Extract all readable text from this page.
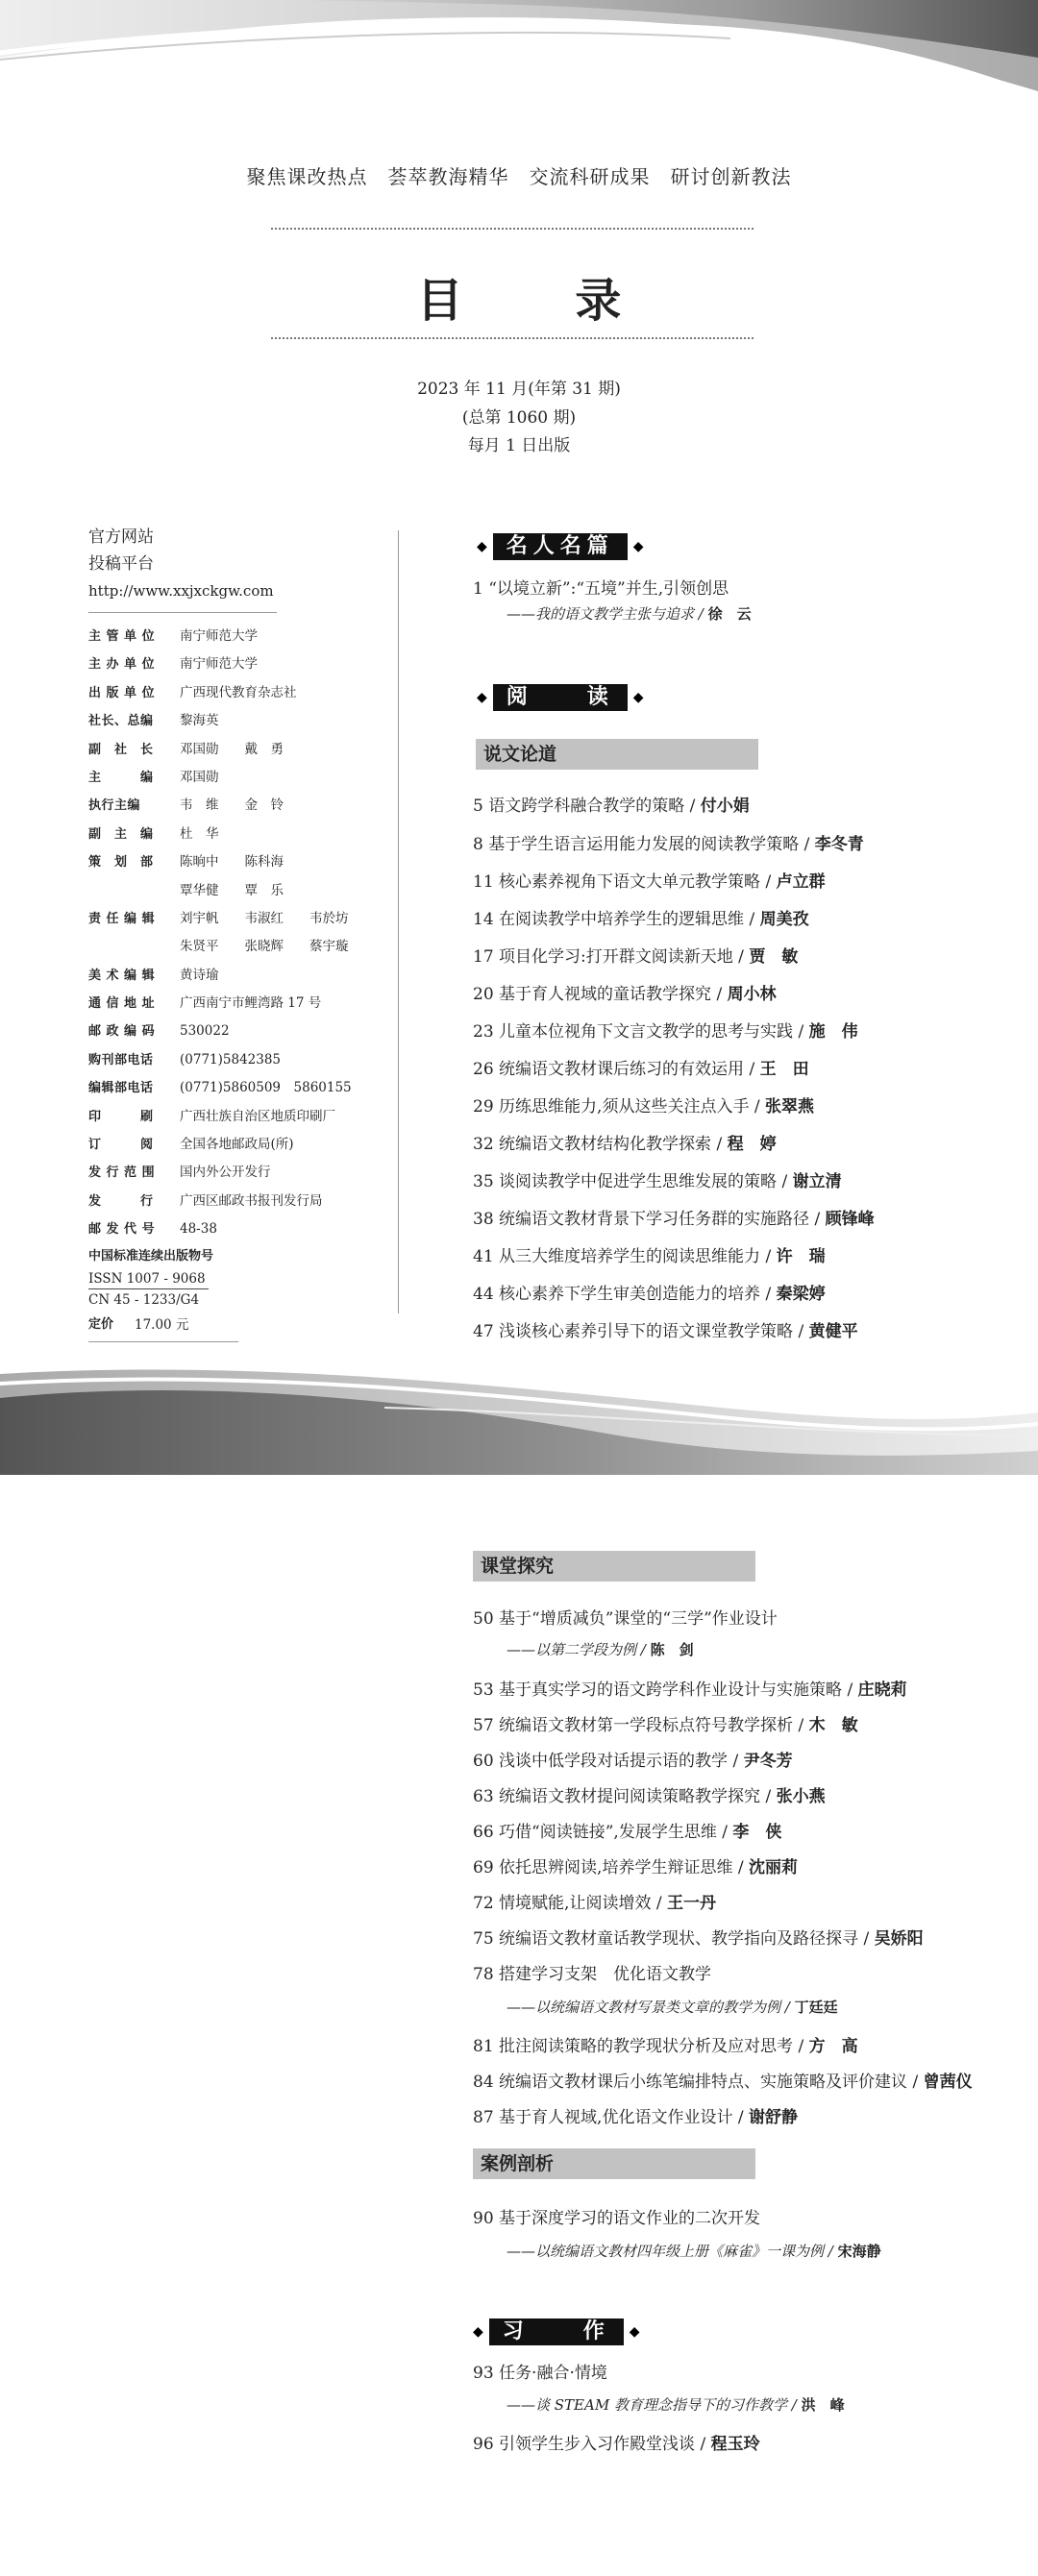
聚焦课改热点　荟萃教海精华　交流科研成果　研讨创新教法
目 录
2023 年 11 月(年第 31 期)
(总第 1060 期)
每月 1 日出版
官方网站
投稿平台
http://www.xxjxckgw.com
主 管 单 位	南宁师范大学
主 办 单 位	南宁师范大学
出 版 单 位	广西现代教育杂志社
社长、总编	黎海英
副　社　长	邓国勋　　戴　勇
主　　　编	邓国勋
执行主编	韦　维　　金　铃
副　主　编	杜　华
策　划　部	陈晌中　　陈科海
覃华健　　覃　乐
责 任 编 辑	刘宇帆　　韦淑红　　韦於坊
朱贤平　　张晓辉　　蔡宇璇
美 术 编 辑	黄诗瑜
通 信 地 址	广西南宁市鲤湾路 17 号
邮 政 编 码	530022
购刊部电话	(0771)5842385
编辑部电话	(0771)5860509　5860155
印　　　刷	广西壮族自治区地质印刷厂
订　　　阅	全国各地邮政局(所)
发 行 范 围	国内外公开发行
发　　　行	广西区邮政书报刊发行局
邮 发 代 号	48-38
中国标准连续出版物号
ISSN 1007 - 9068
CN 45 - 1233/G4
定价	17.00 元
◆ 名人名篇	◆
◆ 阅　　读	◆
说文论道
课堂探究
案例剖析
◆ 习　　作	◆
1 “以境立新”:“五境”并生,引领创思
——我的语文教学主张与追求 / 徐　云
5 语文跨学科融合教学的策略 / 付小娟
8 基于学生语言运用能力发展的阅读教学策略 / 李冬青
11 核心素养视角下语文大单元教学策略 / 卢立群
14 在阅读教学中培养学生的逻辑思维 / 周美孜
17 项目化学习:打开群文阅读新天地 / 贾　敏
20 基于育人视域的童话教学探究 / 周小林
23 儿童本位视角下文言文教学的思考与实践 / 施　伟
26 统编语文教材课后练习的有效运用 / 王　田
29 历练思维能力,须从这些关注点入手 / 张翠燕
32 统编语文教材结构化教学探索 / 程　婷
35 谈阅读教学中促进学生思维发展的策略 / 谢立清
38 统编语文教材背景下学习任务群的实施路径 / 顾锋峰
41 从三大维度培养学生的阅读思维能力 / 许　瑞
44 核心素养下学生审美创造能力的培养 / 秦梁婷
47 浅谈核心素养引导下的语文课堂教学策略 / 黄健平
50 基于“增质减负”课堂的“三学”作业设计
——以第二学段为例 / 陈　剑
53 基于真实学习的语文跨学科作业设计与实施策略 / 庄晓莉
57 统编语文教材第一学段标点符号教学探析 / 木　敏
60 浅谈中低学段对话提示语的教学 / 尹冬芳
63 统编语文教材提问阅读策略教学探究 / 张小燕
66 巧借“阅读链接”,发展学生思维 / 李　侠
69 依托思辨阅读,培养学生辩证思维 / 沈丽莉
72 情境赋能,让阅读增效 / 王一丹
75 统编语文教材童话教学现状、教学指向及路径探寻 / 吴娇阳
78 搭建学习支架　优化语文教学
——以统编语文教材写景类文章的教学为例 / 丁廷廷
81 批注阅读策略的教学现状分析及应对思考 / 方　高
84 统编语文教材课后小练笔编排特点、实施策略及评价建议 / 曾茜仪
87 基于育人视域,优化语文作业设计 / 谢舒静
90 基于深度学习的语文作业的二次开发
——以统编语文教材四年级上册《麻雀》一课为例 / 宋海静
93 任务·融合·情境
——谈 STEAM 教育理念指导下的习作教学 / 洪　峰
96 引领学生步入习作殿堂浅谈 / 程玉玲
